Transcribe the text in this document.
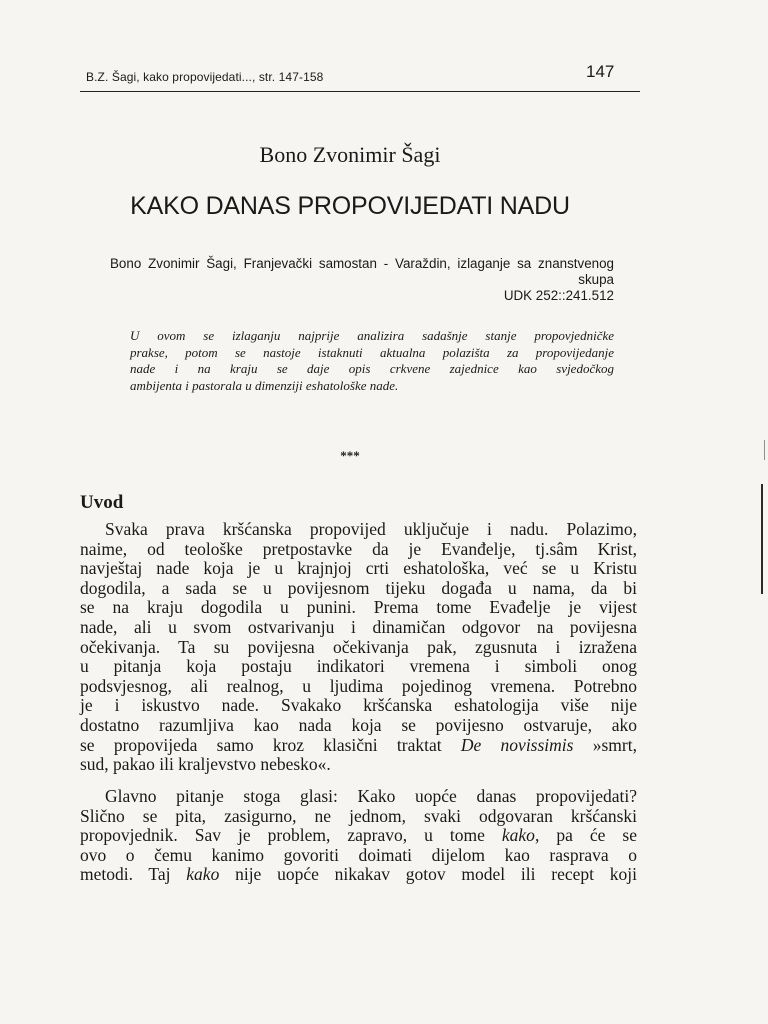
B.Z. Šagi, kako propovijedati..., str. 147-158	147
Bono Zvonimir Šagi
KAKO DANAS PROPOVIJEDATI NADU
Bono Zvonimir Šagi, Franjevački samostan - Varaždin, izlaganje sa znanstvenog skupa
UDK 252::241.512
U ovom se izlaganju najprije analizira sadašnje stanje propovjedničke
prakse, potom se nastoje istaknuti aktualna polazišta za propovijedanje
nade i na kraju se daje opis crkvene zajednice kao svjedočkog
ambijenta i pastorala u dimenziji eshatološke nade.
***
Uvod
Svaka prava kršćanska propovijed uključuje i nadu. Polazimo,
naime, od teološke pretpostavke da je Evanđelje, tj.sâm Krist,
navještaj nade koja je u krajnjoj crti eshatološka, već se u Kristu
dogodila, a sada se u povijesnom tijeku događa u nama, da bi
se na kraju dogodila u punini. Prema tome Evađelje je vijest
nade, ali u svom ostvarivanju i dinamičan odgovor na povijesna
očekivanja. Ta su povijesna očekivanja pak, zgusnuta i izražena
u pitanja koja postaju indikatori vremena i simboli onog
podsvjesnog, ali realnog, u ljudima pojedinog vremena. Potrebno
je i iskustvo nade. Svakako kršćanska eshatologija više nije
dostatno razumljiva kao nada koja se povijesno ostvaruje, ako
se propovijeda samo kroz klasični traktat De novissimis »smrt,
sud, pakao ili kraljevstvo nebesko«.
Glavno pitanje stoga glasi: Kako uopće danas propovijedati?
Slično se pita, zasigurno, ne jednom, svaki odgovaran kršćanski
propovjednik. Sav je problem, zapravo, u tome kako, pa će se
ovo o čemu kanimo govoriti doimati dijelom kao rasprava o
metodi. Taj kako nije uopće nikakav gotov model ili recept koji
